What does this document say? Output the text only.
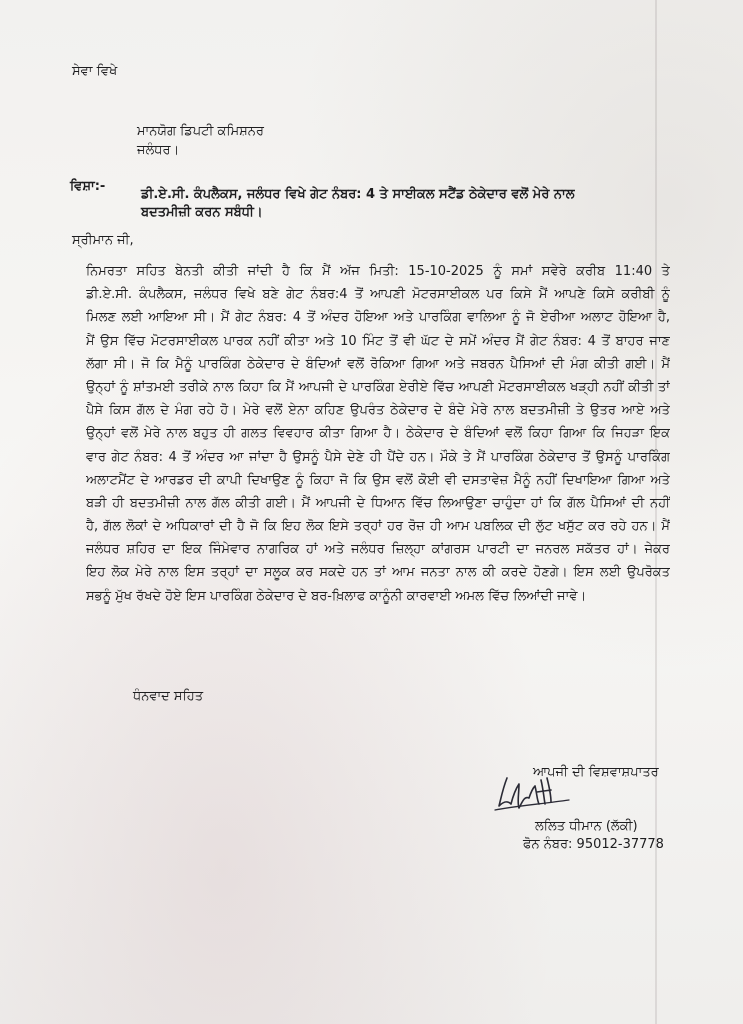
ਸੇਵਾ ਵਿਖੇ
ਮਾਨਯੋਗ ਡਿਪਟੀ ਕਮਿਸ਼ਨਰ
ਜਲੰਧਰ।
ਵਿਸ਼ਾ:-
ਡੀ.ਏ.ਸੀ. ਕੰਪਲੈਕਸ, ਜਲੰਧਰ ਵਿਖੇ ਗੇਟ ਨੰਬਰ: 4 ਤੇ ਸਾਈਕਲ ਸਟੈਂਡ ਠੇਕੇਦਾਰ ਵਲੋਂ ਮੇਰੇ ਨਾਲ
ਬਦਤਮੀਜ਼ੀ ਕਰਨ ਸਬੰਧੀ।
ਸ੍ਰੀਮਾਨ ਜੀ,
ਨਿਮਰਤਾ ਸਹਿਤ ਬੇਨਤੀ ਕੀਤੀ ਜਾਂਦੀ ਹੈ ਕਿ ਮੈਂ ਅੱਜ ਮਿਤੀ: 15-10-2025 ਨੂੰ ਸਮਾਂ ਸਵੇਰੇ ਕਰੀਬ 11:40 ਤੇ
ਡੀ.ਏ.ਸੀ. ਕੰਪਲੈਕਸ, ਜਲੰਧਰ ਵਿਖੇ ਬਣੇ ਗੇਟ ਨੰਬਰ:4 ਤੋਂ ਆਪਣੀ ਮੋਟਰਸਾਈਕਲ ਪਰ ਕਿਸੇ ਮੈਂ ਆਪਣੇ ਕਿਸੇ ਕਰੀਬੀ ਨੂੰ
ਮਿਲਣ ਲਈ ਆਇਆ ਸੀ। ਮੈਂ ਗੇਟ ਨੰਬਰ: 4 ਤੋਂ ਅੰਦਰ ਹੋਇਆ ਅਤੇ ਪਾਰਕਿੰਗ ਵਾਲਿਆ ਨੂੰ ਜੋ ਏਰੀਆ ਅਲਾਟ ਹੋਇਆ ਹੈ,
ਮੈਂ ਉਸ ਵਿੱਚ ਮੋਟਰਸਾਈਕਲ ਪਾਰਕ ਨਹੀਂ ਕੀਤਾ ਅਤੇ 10 ਮਿੰਟ ਤੋਂ ਵੀ ਘੱਟ ਦੇ ਸਮੇਂ ਅੰਦਰ ਮੈਂ ਗੇਟ ਨੰਬਰ: 4 ਤੋਂ ਬਾਹਰ ਜਾਣ
ਲੱਗਾ ਸੀ। ਜੋ ਕਿ ਮੈਨੂੰ ਪਾਰਕਿੰਗ ਠੇਕੇਦਾਰ ਦੇ ਬੰਦਿਆਂ ਵਲੋਂ ਰੋਕਿਆ ਗਿਆ ਅਤੇ ਜਬਰਨ ਪੈਸਿਆਂ ਦੀ ਮੰਗ ਕੀਤੀ ਗਈ। ਮੈਂ
ਉਨ੍ਹਾਂ ਨੂੰ ਸ਼ਾਂਤਮਈ ਤਰੀਕੇ ਨਾਲ ਕਿਹਾ ਕਿ ਮੈਂ ਆਪਜੀ ਦੇ ਪਾਰਕਿੰਗ ਏਰੀਏ ਵਿੱਚ ਆਪਣੀ ਮੋਟਰਸਾਈਕਲ ਖੜ੍ਹੀ ਨਹੀਂ ਕੀਤੀ ਤਾਂ
ਪੈਸੇ ਕਿਸ ਗੱਲ ਦੇ ਮੰਗ ਰਹੇ ਹੋ। ਮੇਰੇ ਵਲੋਂ ਏਨਾ ਕਹਿਣ ਉਪਰੰਤ ਠੇਕੇਦਾਰ ਦੇ ਬੰਦੇ ਮੇਰੇ ਨਾਲ ਬਦਤਮੀਜ਼ੀ ਤੇ ਉਤਰ ਆਏ ਅਤੇ
ਉਨ੍ਹਾਂ ਵਲੋਂ ਮੇਰੇ ਨਾਲ ਬਹੁਤ ਹੀ ਗਲਤ ਵਿਵਹਾਰ ਕੀਤਾ ਗਿਆ ਹੈ। ਠੇਕੇਦਾਰ ਦੇ ਬੰਦਿਆਂ ਵਲੋਂ ਕਿਹਾ ਗਿਆ ਕਿ ਜਿਹੜਾ ਇਕ
ਵਾਰ ਗੇਟ ਨੰਬਰ: 4 ਤੋਂ ਅੰਦਰ ਆ ਜਾਂਦਾ ਹੈ ਉਸਨੂੰ ਪੈਸੇ ਦੇਣੇ ਹੀ ਪੈਂਦੇ ਹਨ। ਮੌਕੇ ਤੇ ਮੈਂ ਪਾਰਕਿੰਗ ਠੇਕੇਦਾਰ ਤੋਂ ਉਸਨੂੰ ਪਾਰਕਿੰਗ
ਅਲਾਟਮੈਂਟ ਦੇ ਆਰਡਰ ਦੀ ਕਾਪੀ ਦਿਖਾਉਣ ਨੂੰ ਕਿਹਾ ਜੋ ਕਿ ਉਸ ਵਲੋਂ ਕੋਈ ਵੀ ਦਸਤਾਵੇਜ਼ ਮੈਨੂੰ ਨਹੀਂ ਦਿਖਾਇਆ ਗਿਆ ਅਤੇ
ਬੜੀ ਹੀ ਬਦਤਮੀਜ਼ੀ ਨਾਲ ਗੱਲ ਕੀਤੀ ਗਈ। ਮੈਂ ਆਪਜੀ ਦੇ ਧਿਆਨ ਵਿੱਚ ਲਿਆਉਣਾ ਚਾਹੁੰਦਾ ਹਾਂ ਕਿ ਗੱਲ ਪੈਸਿਆਂ ਦੀ ਨਹੀਂ
ਹੈ, ਗੱਲ ਲੋਕਾਂ ਦੇ ਅਧਿਕਾਰਾਂ ਦੀ ਹੈ ਜੋ ਕਿ ਇਹ ਲੋਕ ਇਸੇ ਤਰ੍ਹਾਂ ਹਰ ਰੋਜ਼ ਹੀ ਆਮ ਪਬਲਿਕ ਦੀ ਲੁੱਟ ਖਸੁੱਟ ਕਰ ਰਹੇ ਹਨ। ਮੈਂ
ਜਲੰਧਰ ਸ਼ਹਿਰ ਦਾ ਇਕ ਜਿੰਮੇਵਾਰ ਨਾਗਰਿਕ ਹਾਂ ਅਤੇ ਜਲੰਧਰ ਜ਼ਿਲ੍ਹਾ ਕਾਂਗਰਸ ਪਾਰਟੀ ਦਾ ਜਨਰਲ ਸਕੱਤਰ ਹਾਂ। ਜੇਕਰ
ਇਹ ਲੋਕ ਮੇਰੇ ਨਾਲ ਇਸ ਤਰ੍ਹਾਂ ਦਾ ਸਲੂਕ ਕਰ ਸਕਦੇ ਹਨ ਤਾਂ ਆਮ ਜਨਤਾ ਨਾਲ ਕੀ ਕਰਦੇ ਹੋਣਗੇ। ਇਸ ਲਈ ਉਪਰੋਕਤ
ਸਭਨੂੰ ਮੁੱਖ ਰੱਖਦੇ ਹੋਏ ਇਸ ਪਾਰਕਿੰਗ ਠੇਕੇਦਾਰ ਦੇ ਬਰ-ਖ਼ਿਲਾਫ ਕਾਨੂੰਨੀ ਕਾਰਵਾਈ ਅਮਲ ਵਿੱਚ ਲਿਆਂਦੀ ਜਾਵੇ।
ਧੰਨਵਾਦ ਸਹਿਤ
ਆਪਜੀ ਦੀ ਵਿਸ਼ਵਾਸ਼ਪਾਤਰ
ਲਲਿਤ ਧੀਮਾਨ (ਲੱਕੀ)
ਫੋਨ ਨੰਬਰ: 95012-37778
